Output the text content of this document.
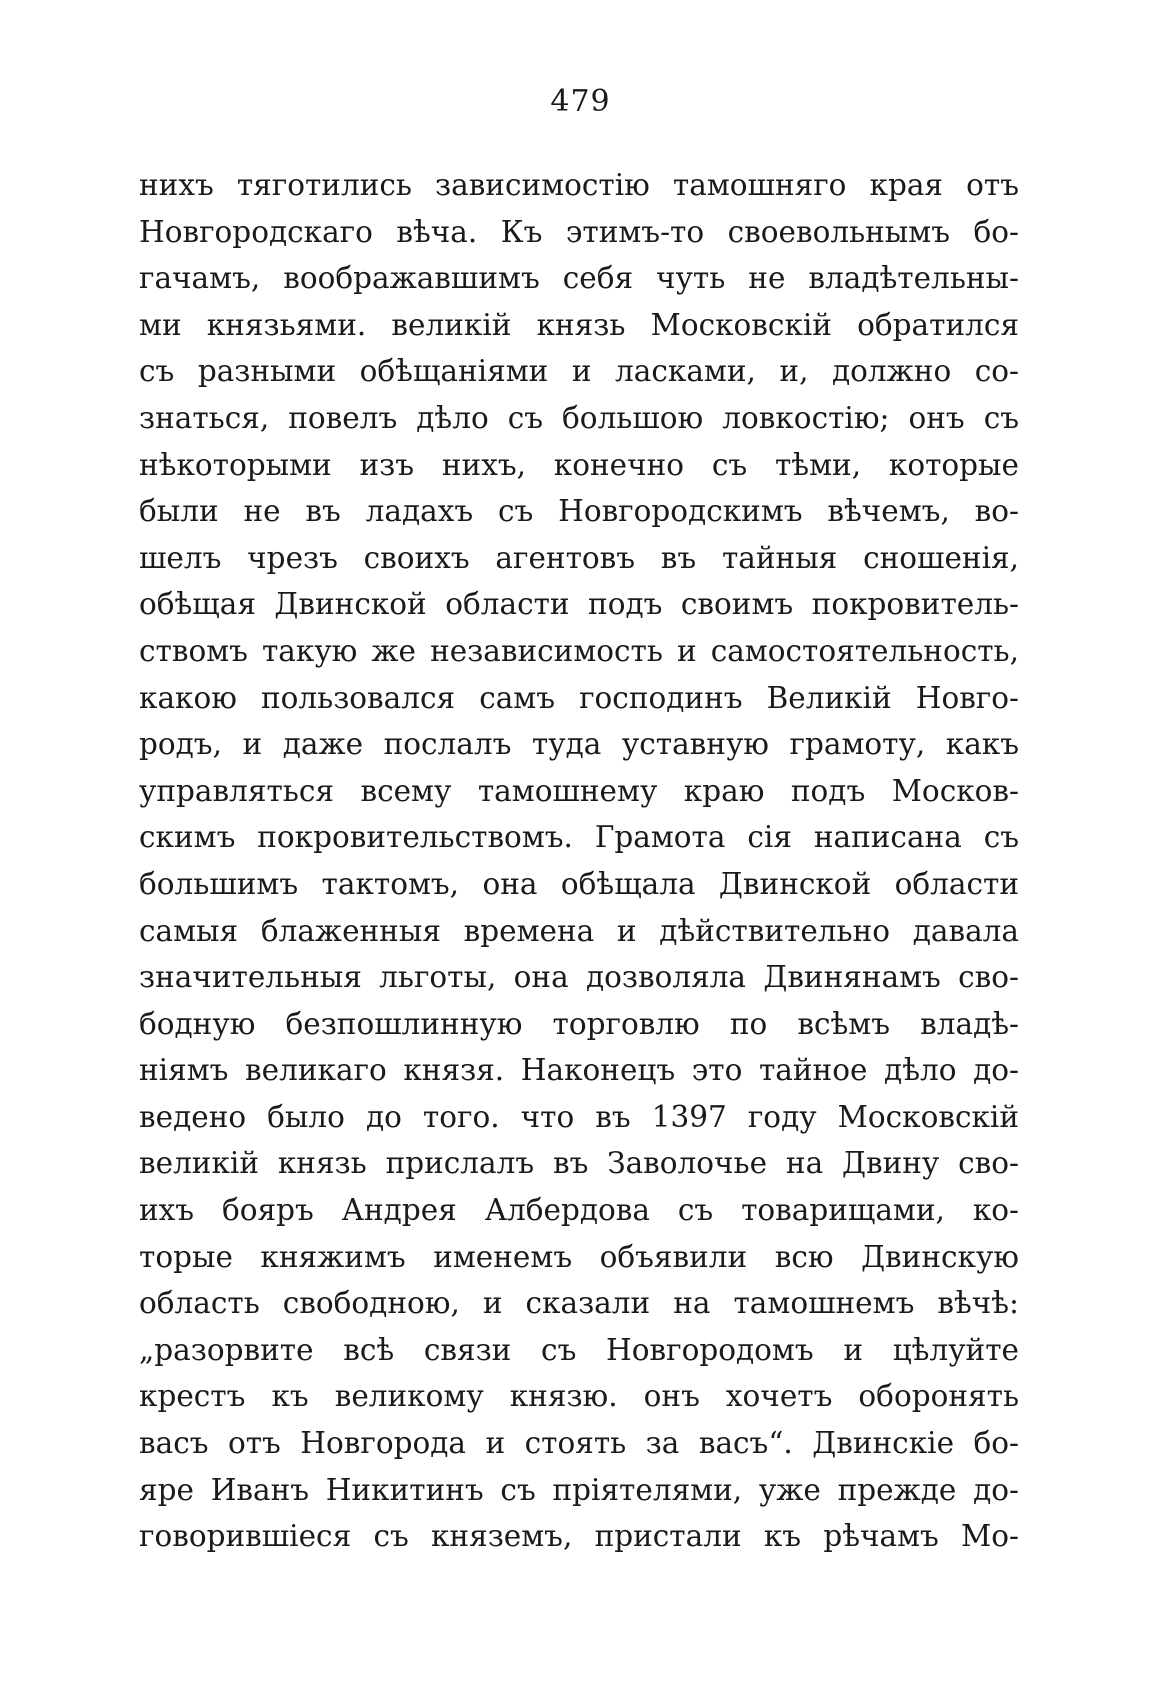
479
нихъ тяготились зависимостію тамошняго края отъ
Новгородскаго вѣча. Къ этимъ-то своевольнымъ бо-
гачамъ, воображавшимъ себя чуть не владѣтельны-
ми князьями. великій князь Московскій обратился
съ разными обѣщаніями и ласками, и, должно со-
знаться, повелъ дѣло съ большою ловкостію; онъ съ
нѣкоторыми изъ нихъ, конечно съ тѣми, которые
были не въ ладахъ съ Новгородскимъ вѣчемъ, во-
шелъ чрезъ своихъ агентовъ въ тайныя сношенія,
обѣщая Двинской области подъ своимъ покровитель-
ствомъ такую же независимость и самостоятельность,
какою пользовался самъ господинъ Великій Новго-
родъ, и даже послалъ туда уставную грамоту, какъ
управляться всему тамошнему краю подъ Москов-
скимъ покровительствомъ. Грамота сія написана съ
большимъ тактомъ, она обѣщала Двинской области
самыя блаженныя времена и дѣйствительно давала
значительныя льготы, она дозволяла Двинянамъ сво-
бодную безпошлинную торговлю по всѣмъ владѣ-
ніямъ великаго князя. Наконецъ это тайное дѣло до-
ведено было до того. что въ 1397 году Московскій
великій князь прислалъ въ Заволочье на Двину сво-
ихъ бояръ Андрея Албердова съ товарищами, ко-
торые княжимъ именемъ объявили всю Двинскую
область свободною, и сказали на тамошнемъ вѣчѣ:
„разорвите всѣ связи съ Новгородомъ и цѣлуйте
крестъ къ великому князю. онъ хочетъ оборонять
васъ отъ Новгорода и стоять за васъ“. Двинскіе бо-
яре Иванъ Никитинъ съ пріятелями, уже прежде до-
говорившіеся съ княземъ, пристали къ рѣчамъ Мо-
